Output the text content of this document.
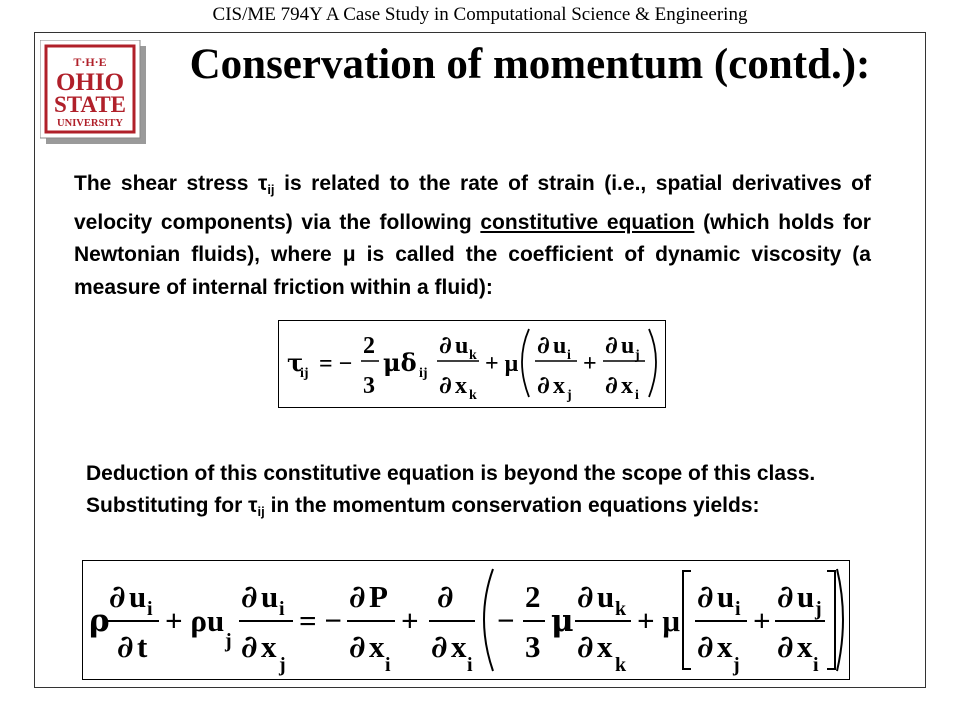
CIS/ME 794Y A Case Study in Computational Science & Engineering
T·H·E
OHIO
STATE
UNIVERSITY
Conservation of momentum (contd.):
The shear stress $\tau_{ij}$ is related to the rate of strain (i.e., spatial derivatives of velocity components) via the following constitutive equation (which holds for Newtonian fluids), where μ is called the coefficient of dynamic viscosity (a measure of internal friction within a fluid):
τ
ij = −
2
3
μδ ij
∂ u k
∂ x k
+ μ
∂ u i
∂ x j
+
∂ u j
∂ x i
Deduction of this constitutive equation is beyond the scope of this class.
Substituting for $\tau_{ij}$ in the momentum conservation equations yields:
ρ
∂ u i
∂ t
+ ρu
j
∂ u i
∂ x
j
= −
∂ P
∂ x
i
+
∂
∂ x
i
−
2
3
μ
∂ u k
∂ x
k
+ μ
∂ u i
∂ x
j
+
∂ u j
∂ x
i
